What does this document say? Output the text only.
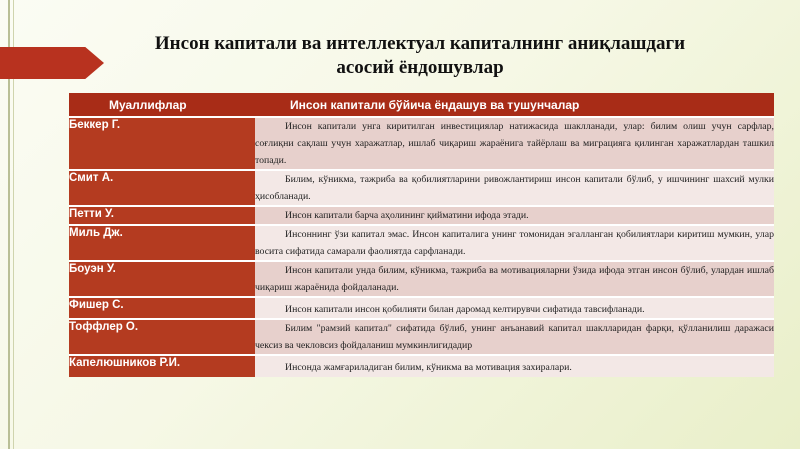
Инсон капитали ва интеллектуал капиталнинг аниқлашдаги
асосий ёндошувлар
Муаллифлар	Инсон капитали бўйича ёндашув ва тушунчалар
Беккер Г.	Инсон капитали унга киритилган инвестициялар натижасида шаклланади, улар: билим олиш учун сарфлар, соғлиқни сақлаш учун харажатлар, ишлаб чиқариш жараёнига тайёрлаш ва миграцияга қилинган харажатлардан ташкил топади.

Смит А.	Билим, кўникма, тажриба ва қобилиятларини ривожлантириш инсон капитали бўлиб, у ишчининг шахсий мулки ҳисобланади.

Петти У.	Инсон капитали барча аҳолининг қийматини ифода этади.

Миль Дж.	Инсоннинг ўзи капитал эмас. Инсон капиталига унинг томонидан эгалланган қобилиятлари киритиш мумкин, улар восита сифатида самарали фаолиятда сарфланади.

Боуэн У.	Инсон капитали унда билим, кўникма, тажриба ва мотивацияларни ўзида ифода этган инсон бўлиб, улардан ишлаб чиқариш жараёнида фойдаланади.

Фишер С.	Инсон капитали инсон қобилияти билан даромад келтирувчи сифатида тавсифланади.

Тоффлер О.	Билим "рамзий капитал" сифатида бўлиб, унинг анъанавий капитал шаклларидан фарқи, қўлланилиш даражаси чексиз ва чекловсиз фойдаланиш мумкинлигидадир

Капелюшников Р.И.	Инсонда жамғариладиган билим, кўникма ва мотивация захиралари.
